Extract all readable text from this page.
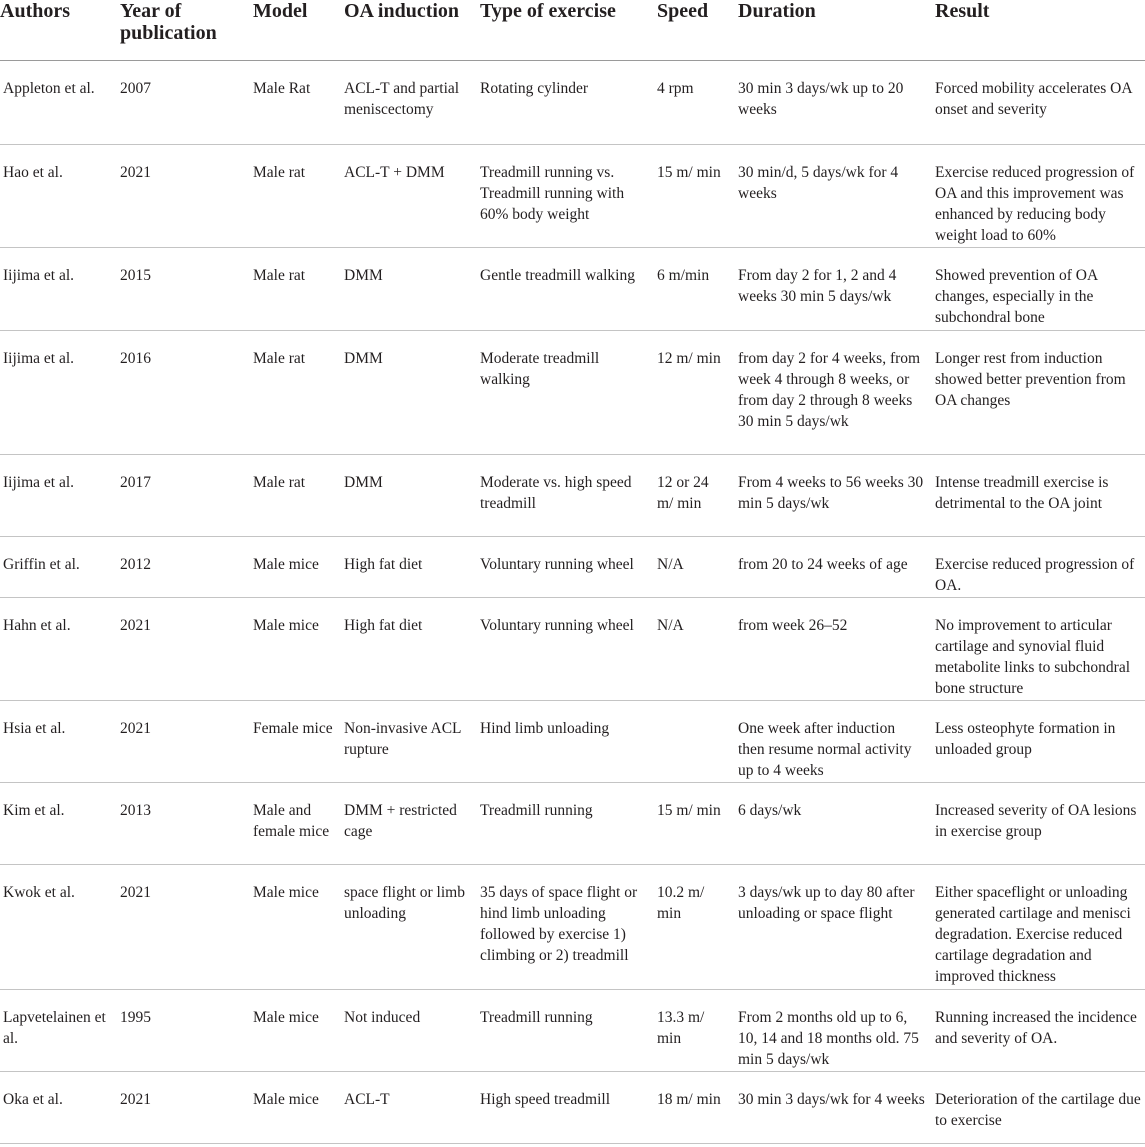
Authors	Year of publication	Model	OA induction	Type of exercise	Speed	Duration	Result
Appleton et al.	2007	Male Rat	ACL-T and partial meniscectomy	Rotating cylinder	4 rpm	30 min 3 days/wk up to 20 weeks	Forced mobility accelerates OA onset and severity
Hao et al.	2021	Male rat	ACL-T + DMM	Treadmill running vs. Treadmill running with 60% body weight	15 m/ min	30 min/d, 5 days/wk for 4 weeks	Exercise reduced progression of OA and this improvement was enhanced by reducing body weight load to 60%
Iijima et al.	2015	Male rat	DMM	Gentle treadmill walking	6 m/min	From day 2 for 1, 2 and 4 weeks 30 min 5 days/wk	Showed prevention of OA changes, especially in the subchondral bone
Iijima et al.	2016	Male rat	DMM	Moderate treadmill walking	12 m/ min	from day 2 for 4 weeks, from week 4 through 8 weeks, or from day 2 through 8 weeks 30 min 5 days/wk	Longer rest from induction showed better prevention from OA changes
Iijima et al.	2017	Male rat	DMM	Moderate vs. high speed treadmill	12 or 24 m/ min	From 4 weeks to 56 weeks 30 min 5 days/wk	Intense treadmill exercise is detrimental to the OA joint
Griffin et al.	2012	Male mice	High fat diet	Voluntary running wheel	N/A	from 20 to 24 weeks of age	Exercise reduced progression of OA.
Hahn et al.	2021	Male mice	High fat diet	Voluntary running wheel	N/A	from week 26–52	No improvement to articular cartilage and synovial fluid metabolite links to subchondral bone structure
Hsia et al.	2021	Female mice	Non-invasive ACL rupture	Hind limb unloading		One week after induction then resume normal activity up to 4 weeks	Less osteophyte formation in unloaded group
Kim et al.	2013	Male and female mice	DMM + restricted cage	Treadmill running	15 m/ min	6 days/wk	Increased severity of OA lesions in exercise group
Kwok et al.	2021	Male mice	space flight or limb unloading	35 days of space flight or hind limb unloading followed by exercise 1) climbing or 2) treadmill	10.2 m/ min	3 days/wk up to day 80 after unloading or space flight	Either spaceflight or unloading generated cartilage and menisci degradation. Exercise reduced cartilage degradation and improved thickness
Lapvetelainen et al.	1995	Male mice	Not induced	Treadmill running	13.3 m/ min	From 2 months old up to 6, 10, 14 and 18 months old. 75 min 5 days/wk	Running increased the incidence and severity of OA.
Oka et al.	2021	Male mice	ACL-T	High speed treadmill	18 m/ min	30 min 3 days/wk for 4 weeks	Deterioration of the cartilage due to exercise
